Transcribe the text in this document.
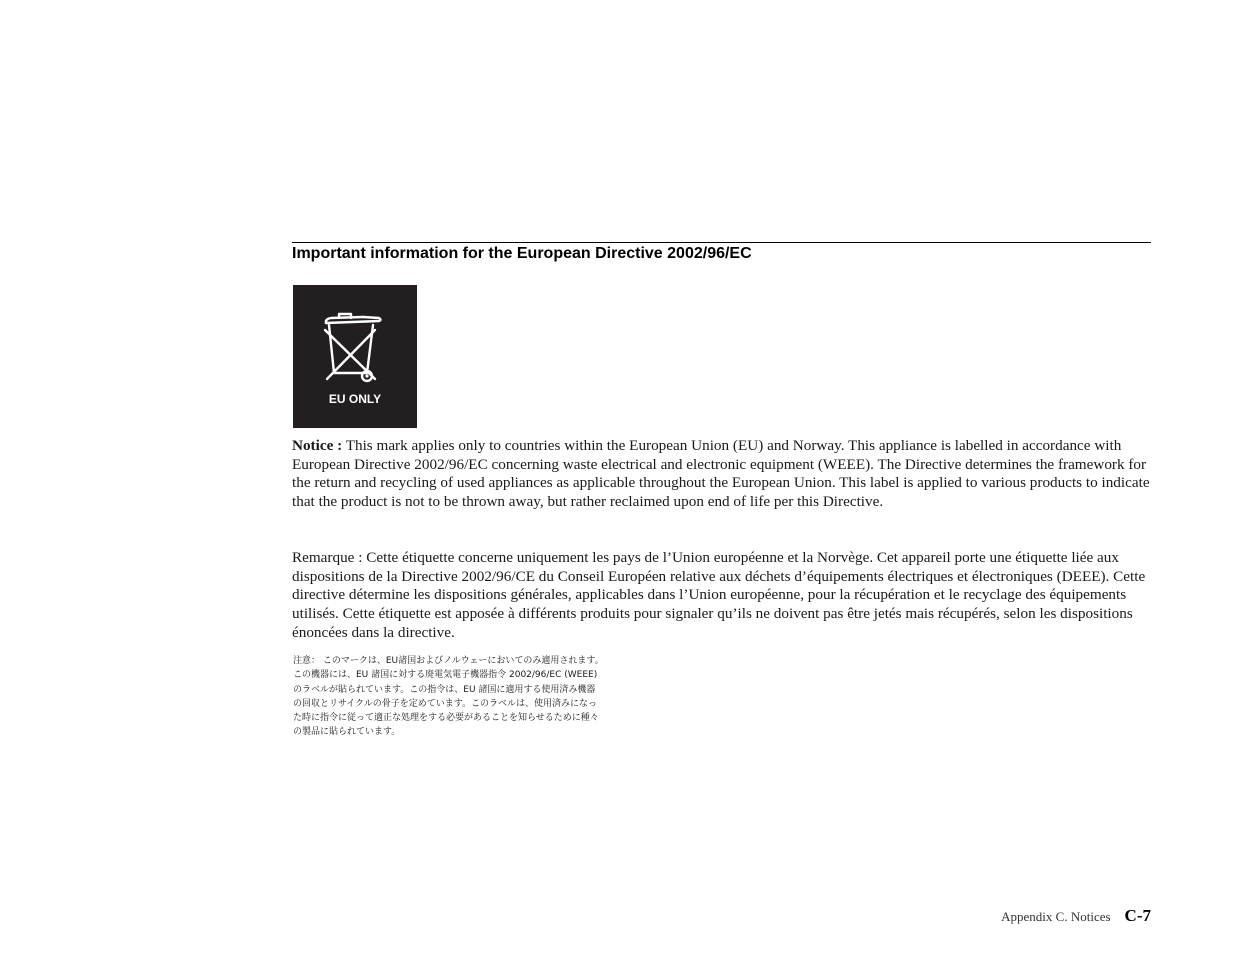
Important information for the European Directive 2002/96/EC
EU ONLY

Notice : This mark applies only to countries within the European Union (EU) and Norway. This appliance is labelled in accordance with European Directive 2002/96/EC concerning waste electrical and electronic equipment (WEEE). The Directive determines the framework for the return and recycling of used appliances as applicable throughout the European Union. This label is applied to various products to indicate that the product is not to be thrown away, but rather reclaimed upon end of life per this Directive.

Remarque : Cette étiquette concerne uniquement les pays de l’Union européenne et la Norvège. Cet appareil porte une étiquette liée aux dispositions de la Directive 2002/96/CE du Conseil Européen relative aux déchets d’équipements électriques et électroniques (DEEE). Cette directive détermine les dispositions générales, applicables dans l’Union européenne, pour la récupération et le recyclage des équipements utilisés. Cette étiquette est apposée à différents produits pour signaler qu’ils ne doivent pas être jetés mais récupérés, selon les dispositions énoncées dans la directive.

注意： このマークは、EU諸国およびノルウェーにおいてのみ適用されます。
この機器には、EU 諸国に対する廃電気電子機器指令 2002/96/EC (WEEE)
のラベルが貼られています。この指令は、EU 諸国に適用する使用済み機器
の回収とリサイクルの骨子を定めています。このラベルは、使用済みになっ
た時に指令に従って適正な処理をする必要があることを知らせるために種々
の製品に貼られています。
Appendix C. Notices C-7
